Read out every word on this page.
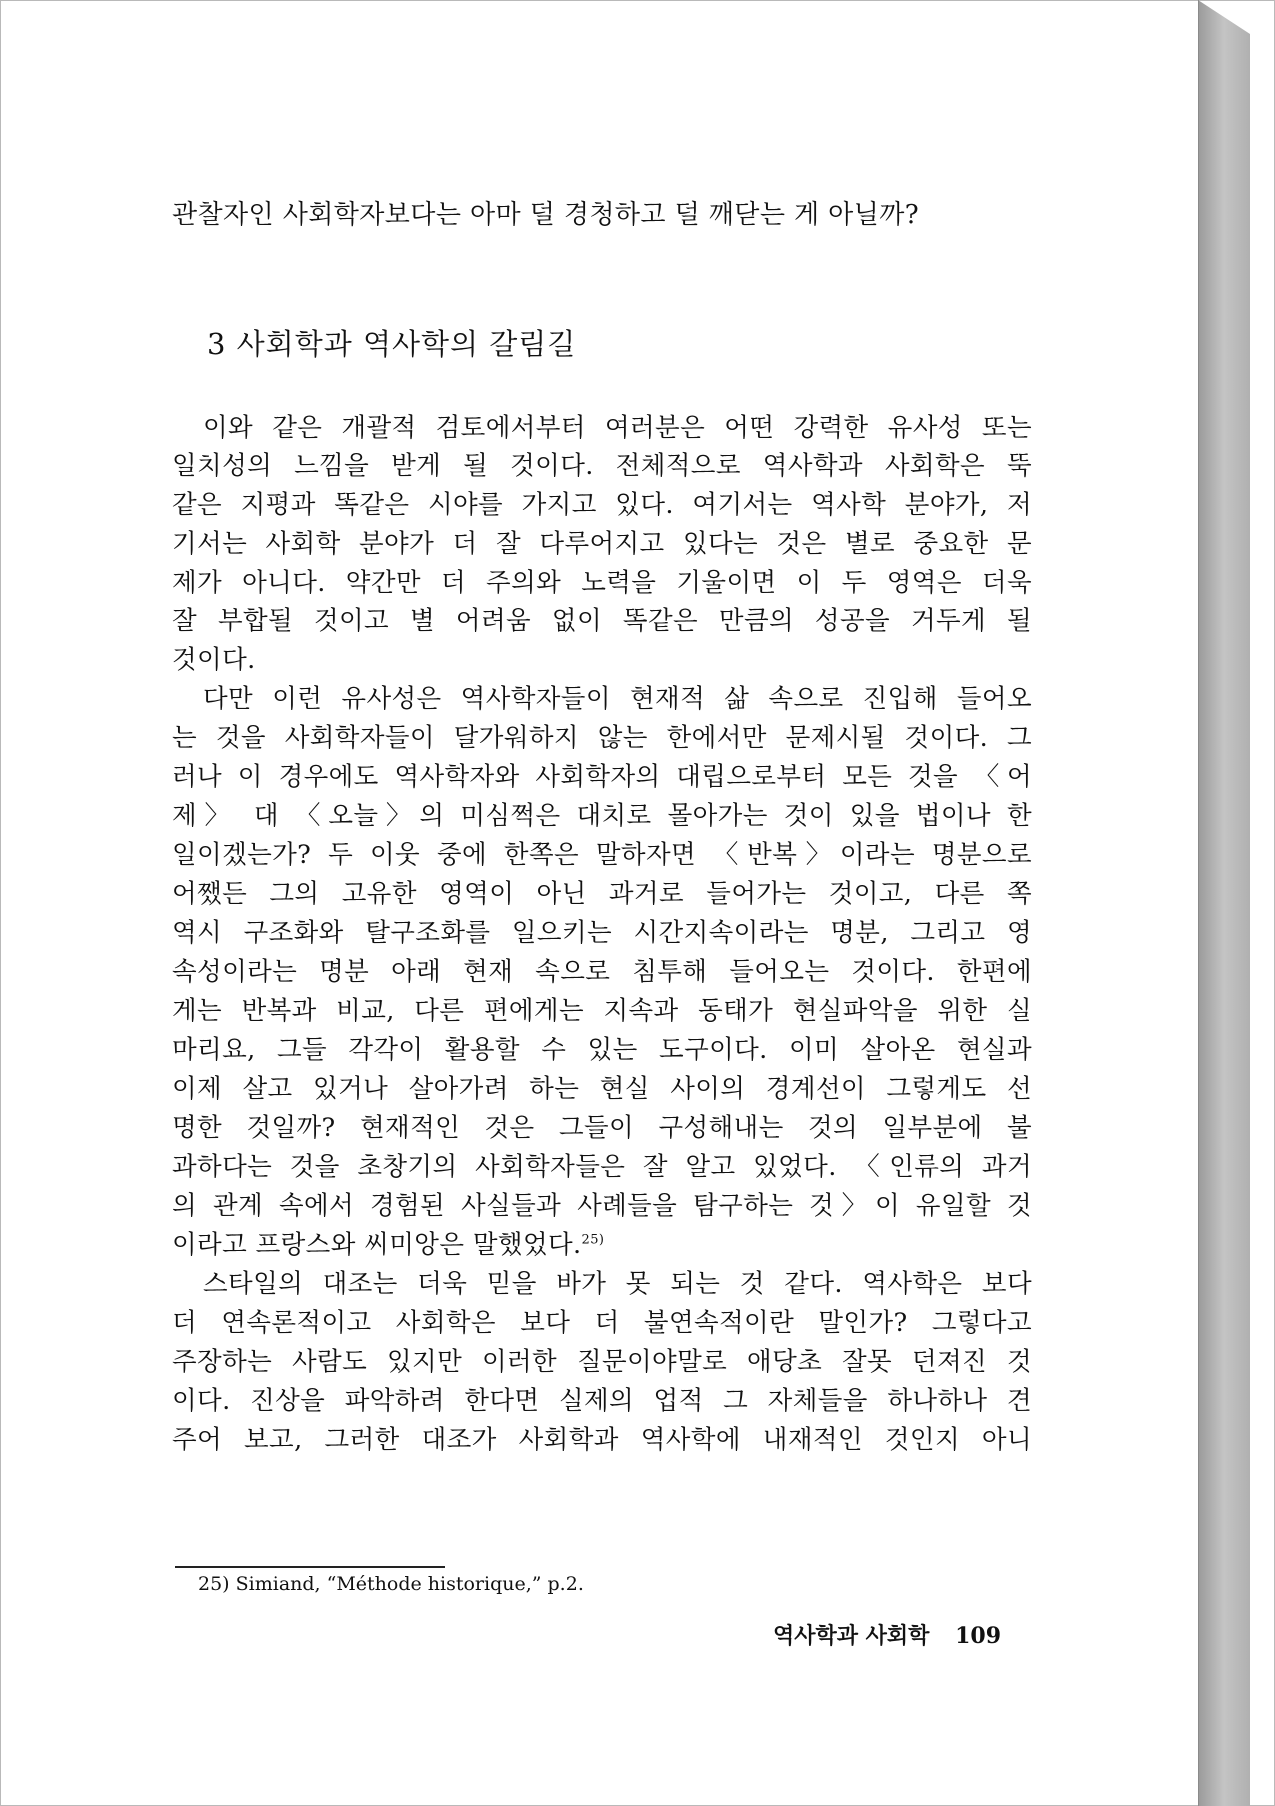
관찰자인 사회학자보다는 아마 덜 경청하고 덜 깨닫는 게 아닐까?
3 사회학과 역사학의 갈림길
이와 같은 개괄적 검토에서부터 여러분은 어떤 강력한 유사성 또는
일치성의 느낌을 받게 될 것이다. 전체적으로 역사학과 사회학은 뚝
같은 지평과 똑같은 시야를 가지고 있다. 여기서는 역사학 분야가, 저
기서는 사회학 분야가 더 잘 다루어지고 있다는 것은 별로 중요한 문
제가 아니다. 약간만 더 주의와 노력을 기울이면 이 두 영역은 더욱
잘 부합될 것이고 별 어려움 없이 똑같은 만큼의 성공을 거두게 될
것이다.
다만 이런 유사성은 역사학자들이 현재적 삶 속으로 진입해 들어오
는 것을 사회학자들이 달가워하지 않는 한에서만 문제시될 것이다. 그
러나 이 경우에도 역사학자와 사회학자의 대립으로부터 모든 것을 〈어
제〉 대 〈오늘〉의 미심쩍은 대치로 몰아가는 것이 있을 법이나 한
일이겠는가? 두 이웃 중에 한쪽은 말하자면 〈반복〉이라는 명분으로
어쨌든 그의 고유한 영역이 아닌 과거로 들어가는 것이고, 다른 쪽
역시 구조화와 탈구조화를 일으키는 시간지속이라는 명분, 그리고 영
속성이라는 명분 아래 현재 속으로 침투해 들어오는 것이다. 한편에
게는 반복과 비교, 다른 편에게는 지속과 동태가 현실파악을 위한 실
마리요, 그들 각각이 활용할 수 있는 도구이다. 이미 살아온 현실과
이제 살고 있거나 살아가려 하는 현실 사이의 경계선이 그렇게도 선
명한 것일까? 현재적인 것은 그들이 구성해내는 것의 일부분에 불
과하다는 것을 초창기의 사회학자들은 잘 알고 있었다. 〈인류의 과거
의 관계 속에서 경험된 사실들과 사례들을 탐구하는 것〉이 유일할 것
이라고 프랑스와 씨미앙은 말했었다.$^{25)}$
스타일의 대조는 더욱 믿을 바가 못 되는 것 같다. 역사학은 보다
더 연속론적이고 사회학은 보다 더 불연속적이란 말인가? 그렇다고
주장하는 사람도 있지만 이러한 질문이야말로 애당초 잘못 던져진 것
이다. 진상을 파악하려 한다면 실제의 업적 그 자체들을 하나하나 견
주어 보고, 그러한 대조가 사회학과 역사학에 내재적인 것인지 아니
25) Simiand, “Méthode historique,” p.2.
역사학과 사회학 109
